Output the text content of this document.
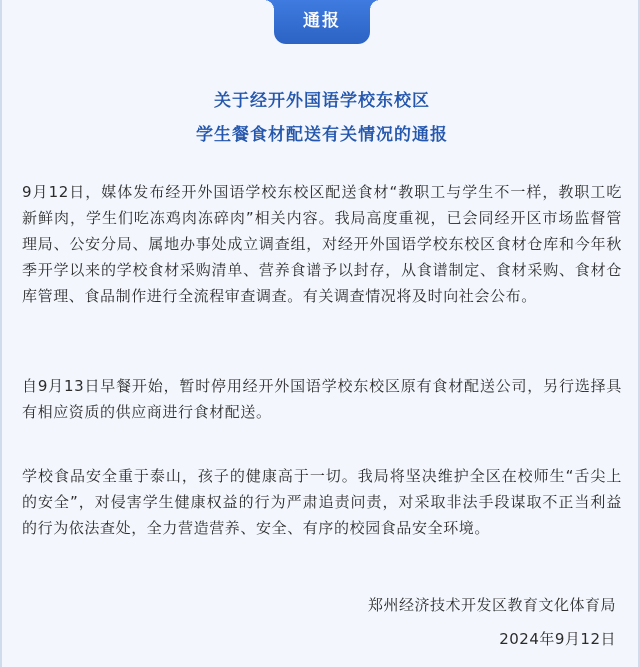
通报
关于经开外国语学校东校区
学生餐食材配送有关情况的通报
9月12日，媒体发布经开外国语学校东校区配送食材“教职工与学生不一样，教职工吃新鲜肉，学生们吃冻鸡肉冻碎肉”相关内容。我局高度重视，已会同经开区市场监督管理局、公安分局、属地办事处成立调查组，对经开外国语学校东校区食材仓库和今年秋季开学以来的学校食材采购清单、营养食谱予以封存，从食谱制定、食材采购、食材仓库管理、食品制作进行全流程审查调查。有关调查情况将及时向社会公布。
自9月13日早餐开始，暂时停用经开外国语学校东校区原有食材配送公司，另行选择具有相应资质的供应商进行食材配送。
学校食品安全重于泰山，孩子的健康高于一切。我局将坚决维护全区在校师生“舌尖上的安全”，对侵害学生健康权益的行为严肃追责问责，对采取非法手段谋取不正当利益的行为依法查处，全力营造营养、安全、有序的校园食品安全环境。
郑州经济技术开发区教育文化体育局
2024年9月12日
